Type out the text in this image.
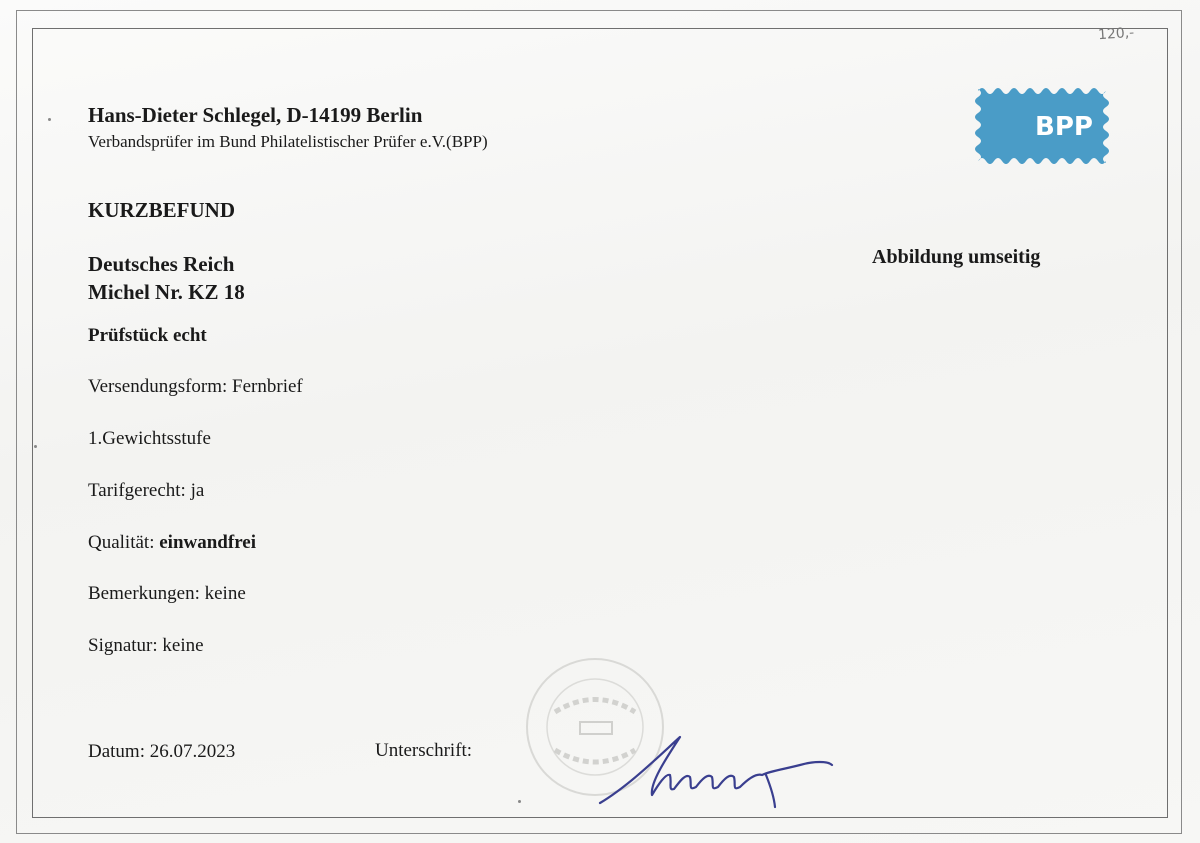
120,-
Hans-Dieter Schlegel, D-14199 Berlin
Verbandsprüfer im Bund Philatelistischer Prüfer e.V.(BPP)	BPP
KURZBEFUND
Deutsches Reich
Michel Nr. KZ 18
Abbildung umseitig
Prüfstück echt
Versendungsform: Fernbrief
1.Gewichtsstufe
Tarifgerecht: ja
Qualität: einwandfrei
Bemerkungen: keine
Signatur: keine
Datum: 26.07.2023	Unterschrift:
